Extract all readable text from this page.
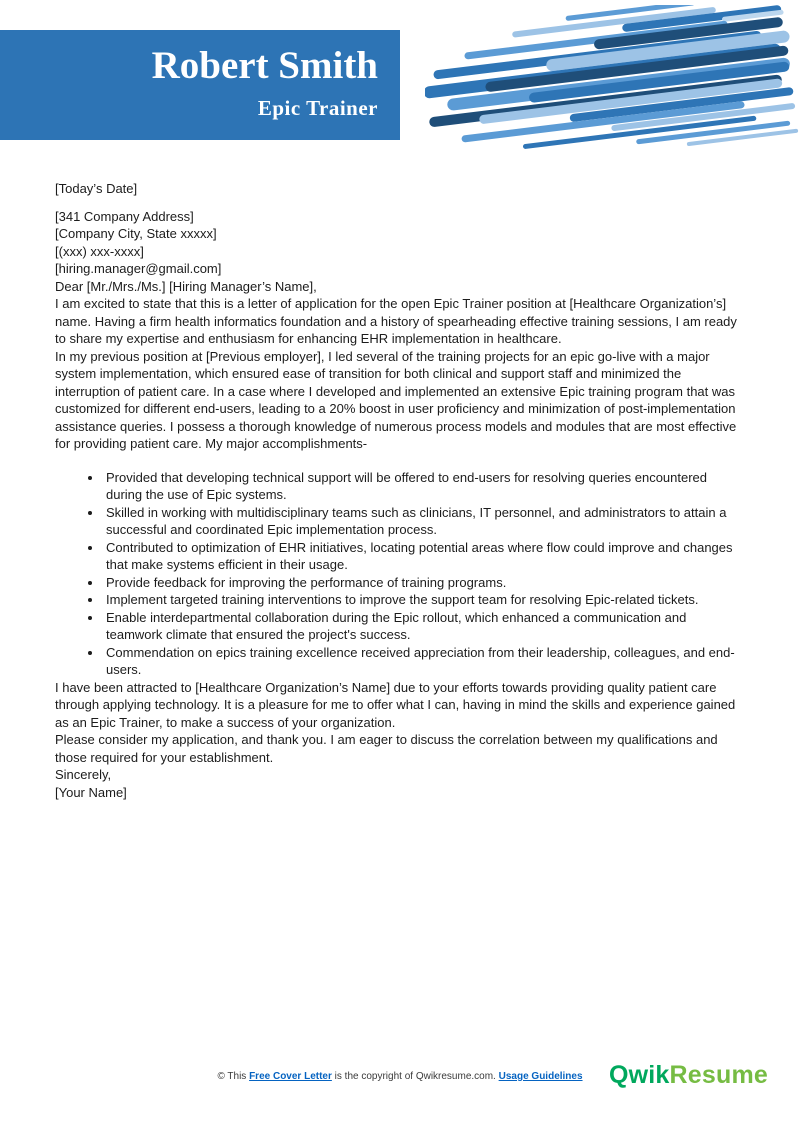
Robert Smith
Epic Trainer

[Today’s Date]

[341 Company Address]
[Company City, State xxxxx]
[(xxx) xxx-xxxx]
[hiring.manager@gmail.com]

Dear [Mr./Mrs./Ms.] [Hiring Manager’s Name],

I am excited to state that this is a letter of application for the open Epic Trainer position at [Healthcare Organization’s] name. Having a firm health informatics foundation and a history of spearheading effective training sessions, I am ready to share my expertise and enthusiasm for enhancing EHR implementation in healthcare.

In my previous position at [Previous employer], I led several of the training projects for an epic go-live with a major system implementation, which ensured ease of transition for both clinical and support staff and minimized the interruption of patient care. In a case where I developed and implemented an extensive Epic training program that was customized for different end-users, leading to a 20% boost in user proficiency and minimization of post-implementation assistance queries. I possess a thorough knowledge of numerous process models and modules that are most effective for providing patient care. My major accomplishments-

• Provided that developing technical support will be offered to end-users for resolving queries encountered during the use of Epic systems.
• Skilled in working with multidisciplinary teams such as clinicians, IT personnel, and administrators to attain a successful and coordinated Epic implementation process.
• Contributed to optimization of EHR initiatives, locating potential areas where flow could improve and changes that make systems efficient in their usage.
• Provide feedback for improving the performance of training programs.
• Implement targeted training interventions to improve the support team for resolving Epic-related tickets.
• Enable interdepartmental collaboration during the Epic rollout, which enhanced a communication and teamwork climate that ensured the project's success.
• Commendation on epics training excellence received appreciation from their leadership, colleagues, and end-users.

I have been attracted to [Healthcare Organization’s Name] due to your efforts towards providing quality patient care through applying technology. It is a pleasure for me to offer what I can, having in mind the skills and experience gained as an Epic Trainer, to make a success of your organization.

Please consider my application, and thank you. I am eager to discuss the correlation between my qualifications and those required for your establishment.

Sincerely,

[Your Name]

© This Free Cover Letter is the copyright of Qwikresume.com. Usage Guidelines	QwikResume
